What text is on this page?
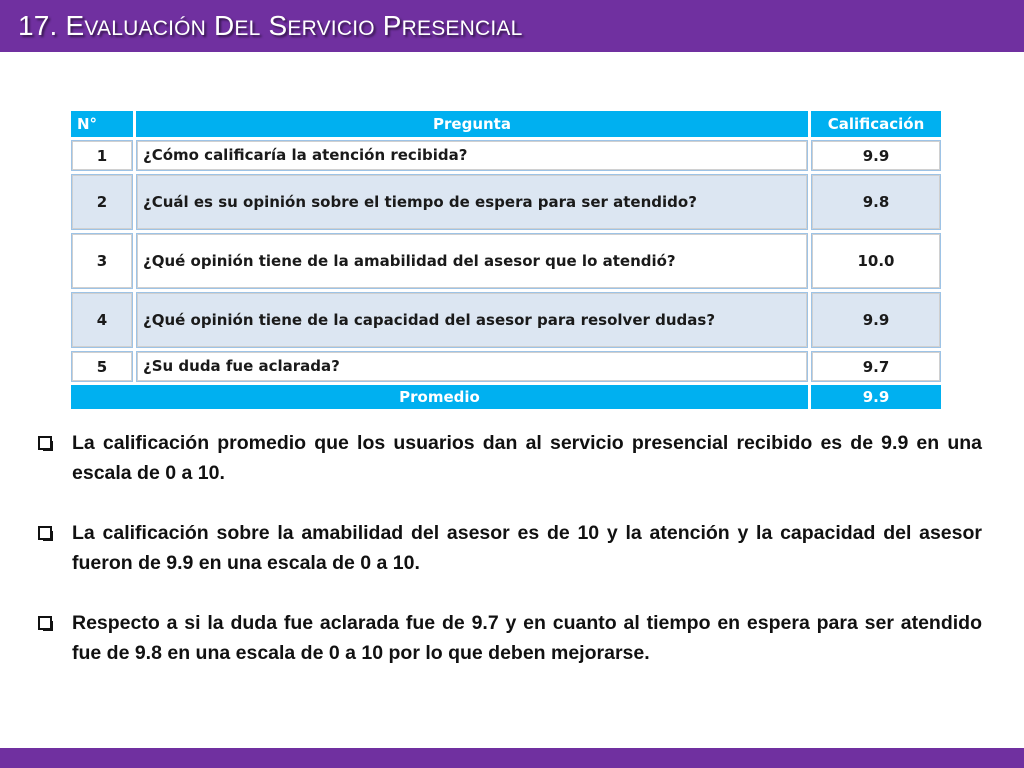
17. EVALUACIÓN DEL SERVICIO PRESENCIAL
N°	Pregunta	Calificación
1	¿Cómo calificaría la atención recibida?	9.9
2	¿Cuál es su opinión sobre el tiempo de espera para ser atendido?	9.8
3	¿Qué opinión tiene de la amabilidad del asesor que lo atendió?	10.0
4	¿Qué opinión tiene de la capacidad del asesor para resolver dudas?	9.9
5	¿Su duda fue aclarada?	9.7
Promedio		9.9
La calificación promedio que los usuarios dan al servicio presencial recibido es de 9.9 en una escala de 0 a 10.
La calificación sobre la amabilidad del asesor es de 10 y la atención y la capacidad del asesor fueron de 9.9 en una escala de 0 a 10.
Respecto a si la duda fue aclarada fue de 9.7 y en cuanto al tiempo en espera para ser atendido fue de 9.8 en una escala de 0 a 10 por lo que deben mejorarse.
